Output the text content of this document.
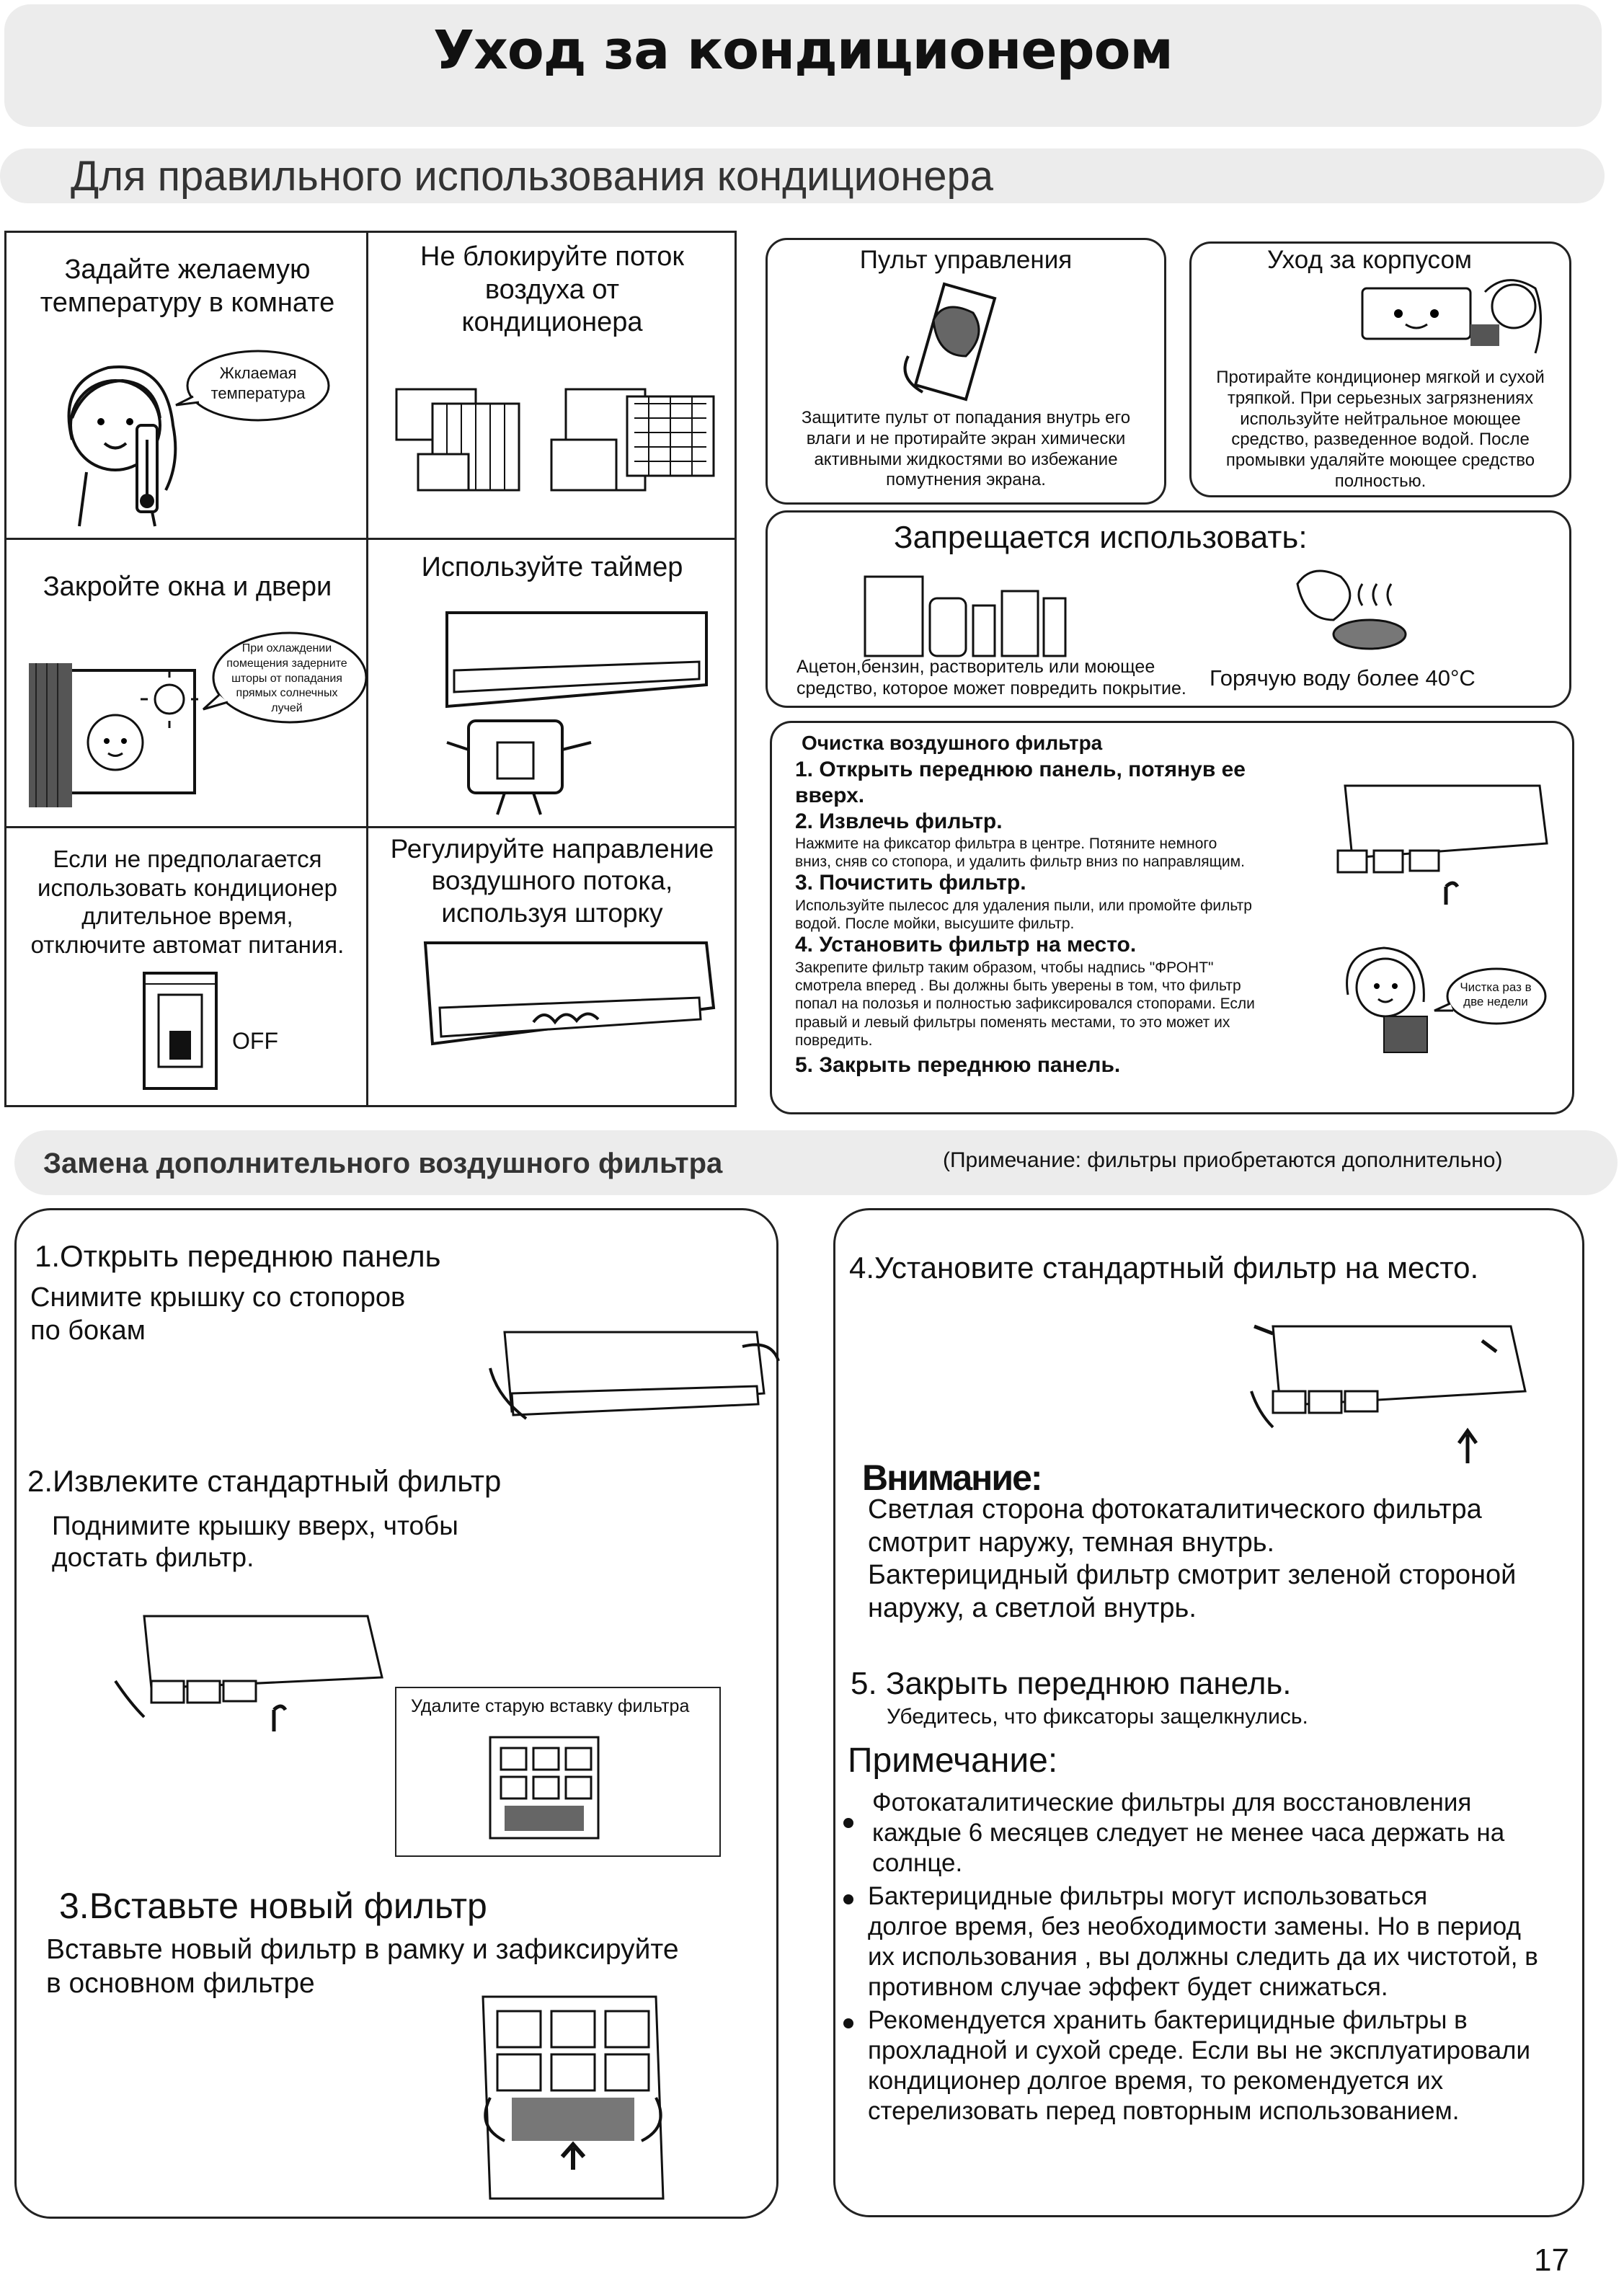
Уход за кондиционером
Для правильного использования кондиционера
Задайте желаемую
температуру в комнате
Жклаемая
температура
Не блокируйте поток
воздуха от
кондиционера
Закройте окна и двери
При охлаждении
помещения задерните
шторы от попадания
прямых солнечных
лучей
Используйте таймер
Если не предполагается
использовать кондиционер
длительное время,
отключите автомат питания.
OFF
Регулируйте направление
воздушного потока,
используя шторку
Пульт управления
Защитите пульт от попадания внутрь его
влаги и не протирайте экран химически
активными жидкостями во избежание
помутнения экрана.
Уход за корпусом
Протирайте кондиционер мягкой и сухой
тряпкой. При серьезных загрязнениях
используйте нейтральное моющее
средство, разведенное водой. После
промывки удаляйте моющее средство
полностью.
Запрещается использовать:
Ацетон,бензин, растворитель или моющее
средство, которое может повредить покрытие. Горячую воду более 40°C
Очистка воздушного фильтра
1. Открыть переднюю панель, потянув ее
вверх.
2. Извлечь фильтр.
Нажмите на фиксатор фильтра в центре. Потяните немного
вниз, сняв со стопора, и удалить фильтр вниз по направлящим.
3. Почистить фильтр.
Используйте пылесос для удаления пыли, или промойте фильтр
водой. После мойки, высушите фильтр.
4. Установить фильтр на место.
Закрепите фильтр таким образом, чтобы надпись "ФРОНТ"
смотрела вперед . Вы должны быть уверены в том, что фильтр
попал на полозья и полностью зафиксировался стопорами. Если
правый и левый фильтры поменять местами, то это может их
повредить.
5. Закрыть переднюю панель.
Чистка раз в
две недели
Замена дополнительного воздушного фильтра	(Примечание: фильтры приобретаются дополнительно)
1.Открыть переднюю панель
Снимите крышку со стопоров
по бокам
2.Извлеките стандартный фильтр
Поднимите крышку вверх, чтобы
достать фильтр.
Удалите старую вставку фильтра
3.Вставьте новый фильтр
Вставьте новый фильтр в рамку и зафиксируйте
в основном фильтре
4.Установите стандартный фильтр на место.
Внимание:
Светлая сторона фотокаталитического фильтра
смотрит наружу, темная внутрь.
Бактерицидный фильтр смотрит зеленой стороной
наружу, а светлой внутрь.
5. Закрыть переднюю панель.
Убедитесь, что фиксаторы защелкнулись.
Примечание:
Фотокаталитические фильтры для восстановления
каждые 6 месяцев следует не менее часа держать на
солнце.
Бактерицидные фильтры могут использоваться
долгое время, без необходимости замены. Но в период
их использования , вы должны следить да их чистотой, в
противном случае эффект будет снижаться.
Рекомендуется хранить бактерицидные фильтры в
прохладной и сухой среде. Если вы не эксплуатировали
кондиционер долгое время, то рекомендуется их
стерелизовать перед повторным использованием.
17
